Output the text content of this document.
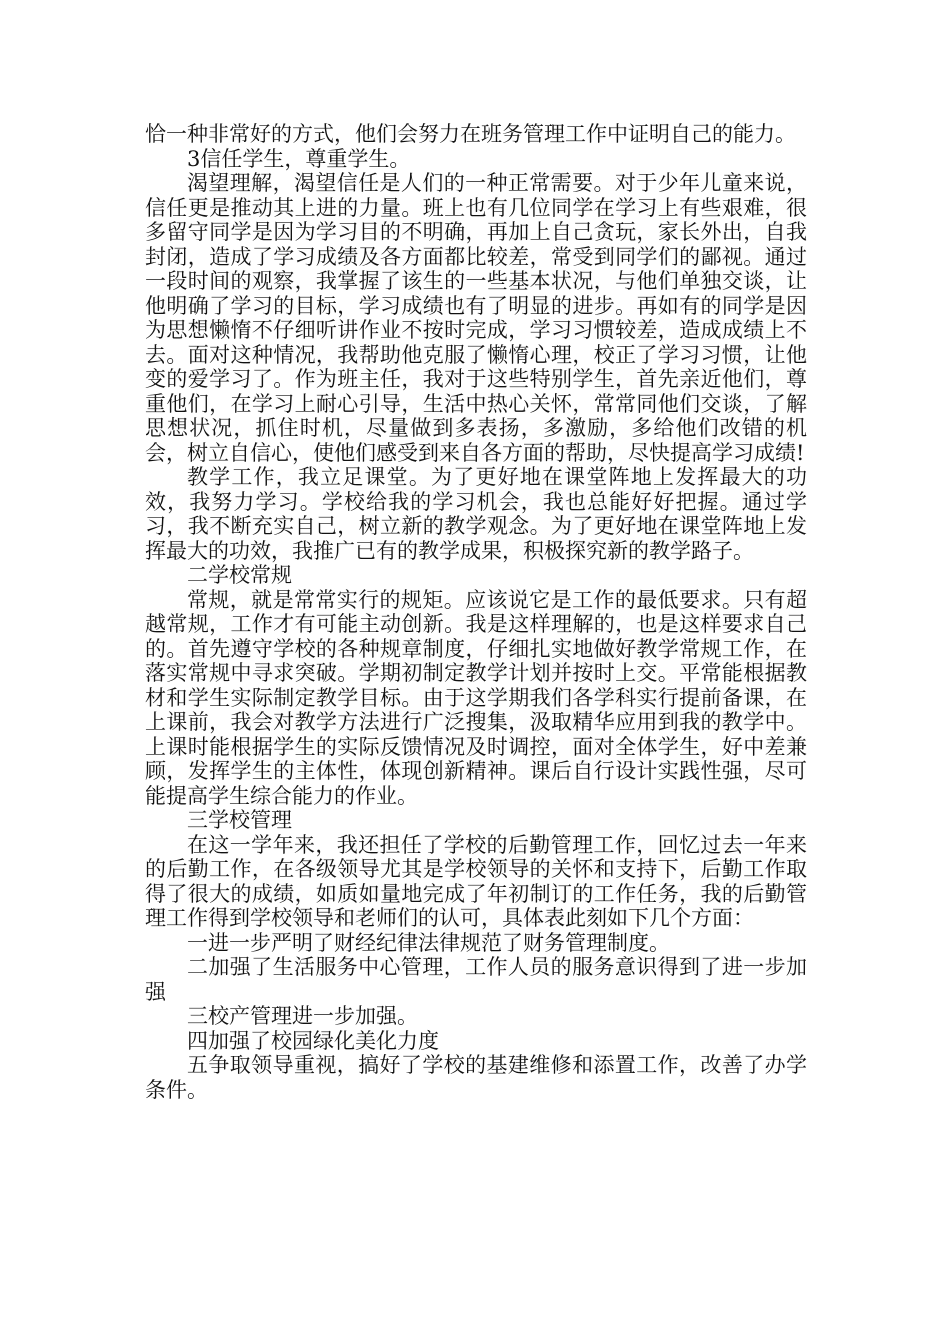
恰一种非常好的方式，他们会努力在班务管理工作中证明自己的能力。

3信任学生，尊重学生。

渴望理解，渴望信任是人们的一种正常需要。对于少年儿童来说，信任更是推动其上进的力量。班上也有几位同学在学习上有些艰难，很多留守同学是因为学习目的不明确，再加上自己贪玩，家长外出，自我封闭，造成了学习成绩及各方面都比较差，常受到同学们的鄙视。通过一段时间的观察，我掌握了该生的一些基本状况，与他们单独交谈，让他明确了学习的目标，学习成绩也有了明显的进步。再如有的同学是因为思想懒惰不仔细听讲作业不按时完成，学习习惯较差，造成成绩上不去。面对这种情况，我帮助他克服了懒惰心理，校正了学习习惯，让他变的爱学习了。作为班主任，我对于这些特别学生，首先亲近他们，尊重他们，在学习上耐心引导，生活中热心关怀，常常同他们交谈，了解思想状况，抓住时机，尽量做到多表扬，多激励，多给他们改错的机会，树立自信心，使他们感受到来自各方面的帮助，尽快提高学习成绩!

教学工作，我立足课堂。为了更好地在课堂阵地上发挥最大的功效，我努力学习。学校给我的学习机会，我也总能好好把握。通过学习，我不断充实自己，树立新的教学观念。为了更好地在课堂阵地上发挥最大的功效，我推广已有的教学成果，积极探究新的教学路子。

二学校常规

常规，就是常常实行的规矩。应该说它是工作的最低要求。只有超越常规，工作才有可能主动创新。我是这样理解的，也是这样要求自己的。首先遵守学校的各种规章制度，仔细扎实地做好教学常规工作，在落实常规中寻求突破。学期初制定教学计划并按时上交。平常能根据教材和学生实际制定教学目标。由于这学期我们各学科实行提前备课，在上课前，我会对教学方法进行广泛搜集，汲取精华应用到我的教学中。上课时能根据学生的实际反馈情况及时调控，面对全体学生，好中差兼顾，发挥学生的主体性，体现创新精神。课后自行设计实践性强，尽可能提高学生综合能力的作业。

三学校管理

在这一学年来，我还担任了学校的后勤管理工作，回忆过去一年来的后勤工作，在各级领导尤其是学校领导的关怀和支持下，后勤工作取得了很大的成绩，如质如量地完成了年初制订的工作任务，我的后勤管理工作得到学校领导和老师们的认可，具体表此刻如下几个方面：

一进一步严明了财经纪律法律规范了财务管理制度。

二加强了生活服务中心管理，工作人员的服务意识得到了进一步加强

三校产管理进一步加强。

四加强了校园绿化美化力度

五争取领导重视，搞好了学校的基建维修和添置工作，改善了办学条件。
